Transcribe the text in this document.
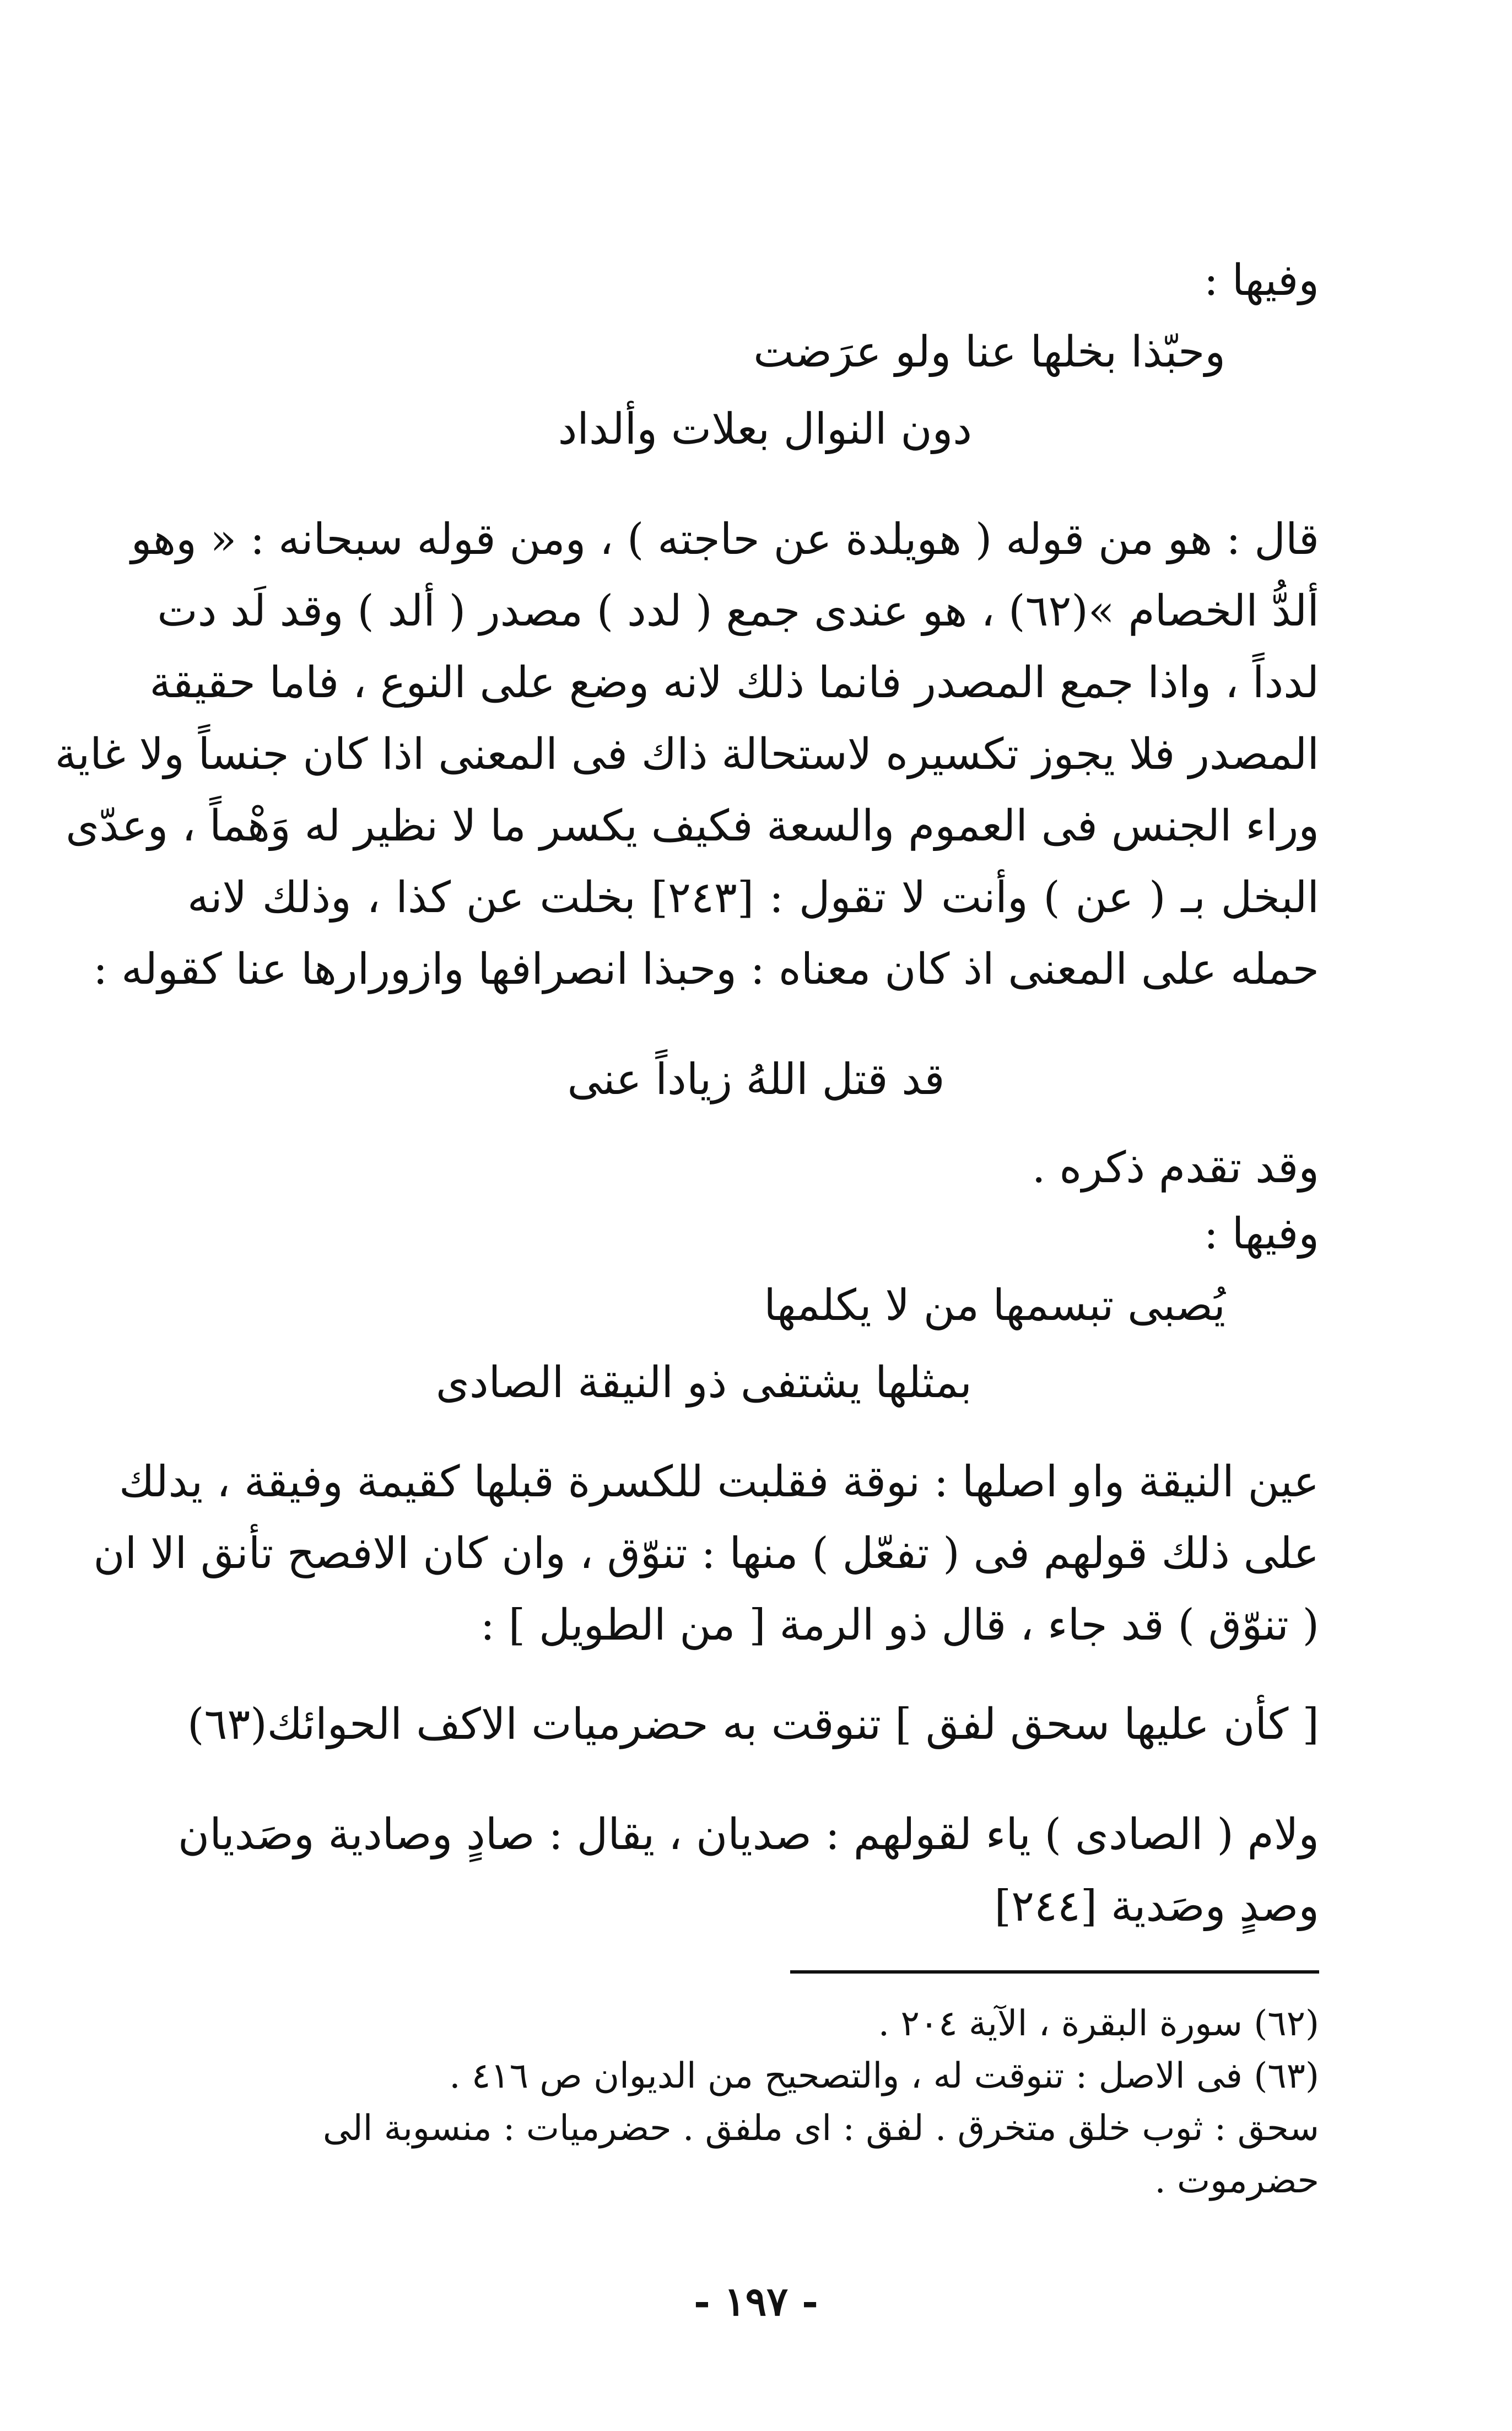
وفيها :
وحبّذا بخلها عنا ولو عرَضت
دون النوال بعلات وألداد
قال : هو من قوله ( هويلدة عن حاجته ) ، ومن قوله سبحانه : « وهو
ألدُّ الخصام »(٦٢) ، هو عندى جمع ( لدد ) مصدر ( ألد ) وقد لَد دت
لدداً ، واذا جمع المصدر فانما ذلك لانه وضع على النوع ، فاما حقيقة
المصدر فلا يجوز تكسيره لاستحالة ذاك فى المعنى اذا كان جنساً ولا غاية
وراء الجنس فى العموم والسعة فكيف يكسر ما لا نظير له وَهْماً ، وعدّى
البخل بـ ( عن ) وأنت لا تقول : [٢٤٣] بخلت عن كذا ، وذلك لانه
حمله على المعنى اذ كان معناه : وحبذا انصرافها وازورارها عنا كقوله :
قد قتل اللهُ زياداً عنى
وقد تقدم ذكره .
وفيها :
يُصبى تبسمها من لا يكلمها
بمثلها يشتفى ذو النيقة الصادى
عين النيقة واو اصلها : نوقة فقلبت للكسرة قبلها كقيمة وفيقة ، يدلك
على ذلك قولهم فى ( تفعّل ) منها : تنوّق ، وان كان الافصح تأنق الا ان
( تنوّق ) قد جاء ، قال ذو الرمة [ من الطويل ] :
[ كأن عليها سحق لفق ] تنوقت به حضرميات الاكف الحوائك(٦٣)
ولام ( الصادى ) ياء لقولهم : صديان ، يقال : صادٍ وصادية وصَديان
وصدٍ وصَدية [٢٤٤]
(٦٢) سورة البقرة ، الآية ٢٠٤ .
(٦٣) فى الاصل : تنوقت له ، والتصحيح من الديوان ص ٤١٦ .
سحق : ثوب خلق متخرق . لفق : اى ملفق . حضرميات : منسوبة الى
حضرموت .
- ١٩٧ -
